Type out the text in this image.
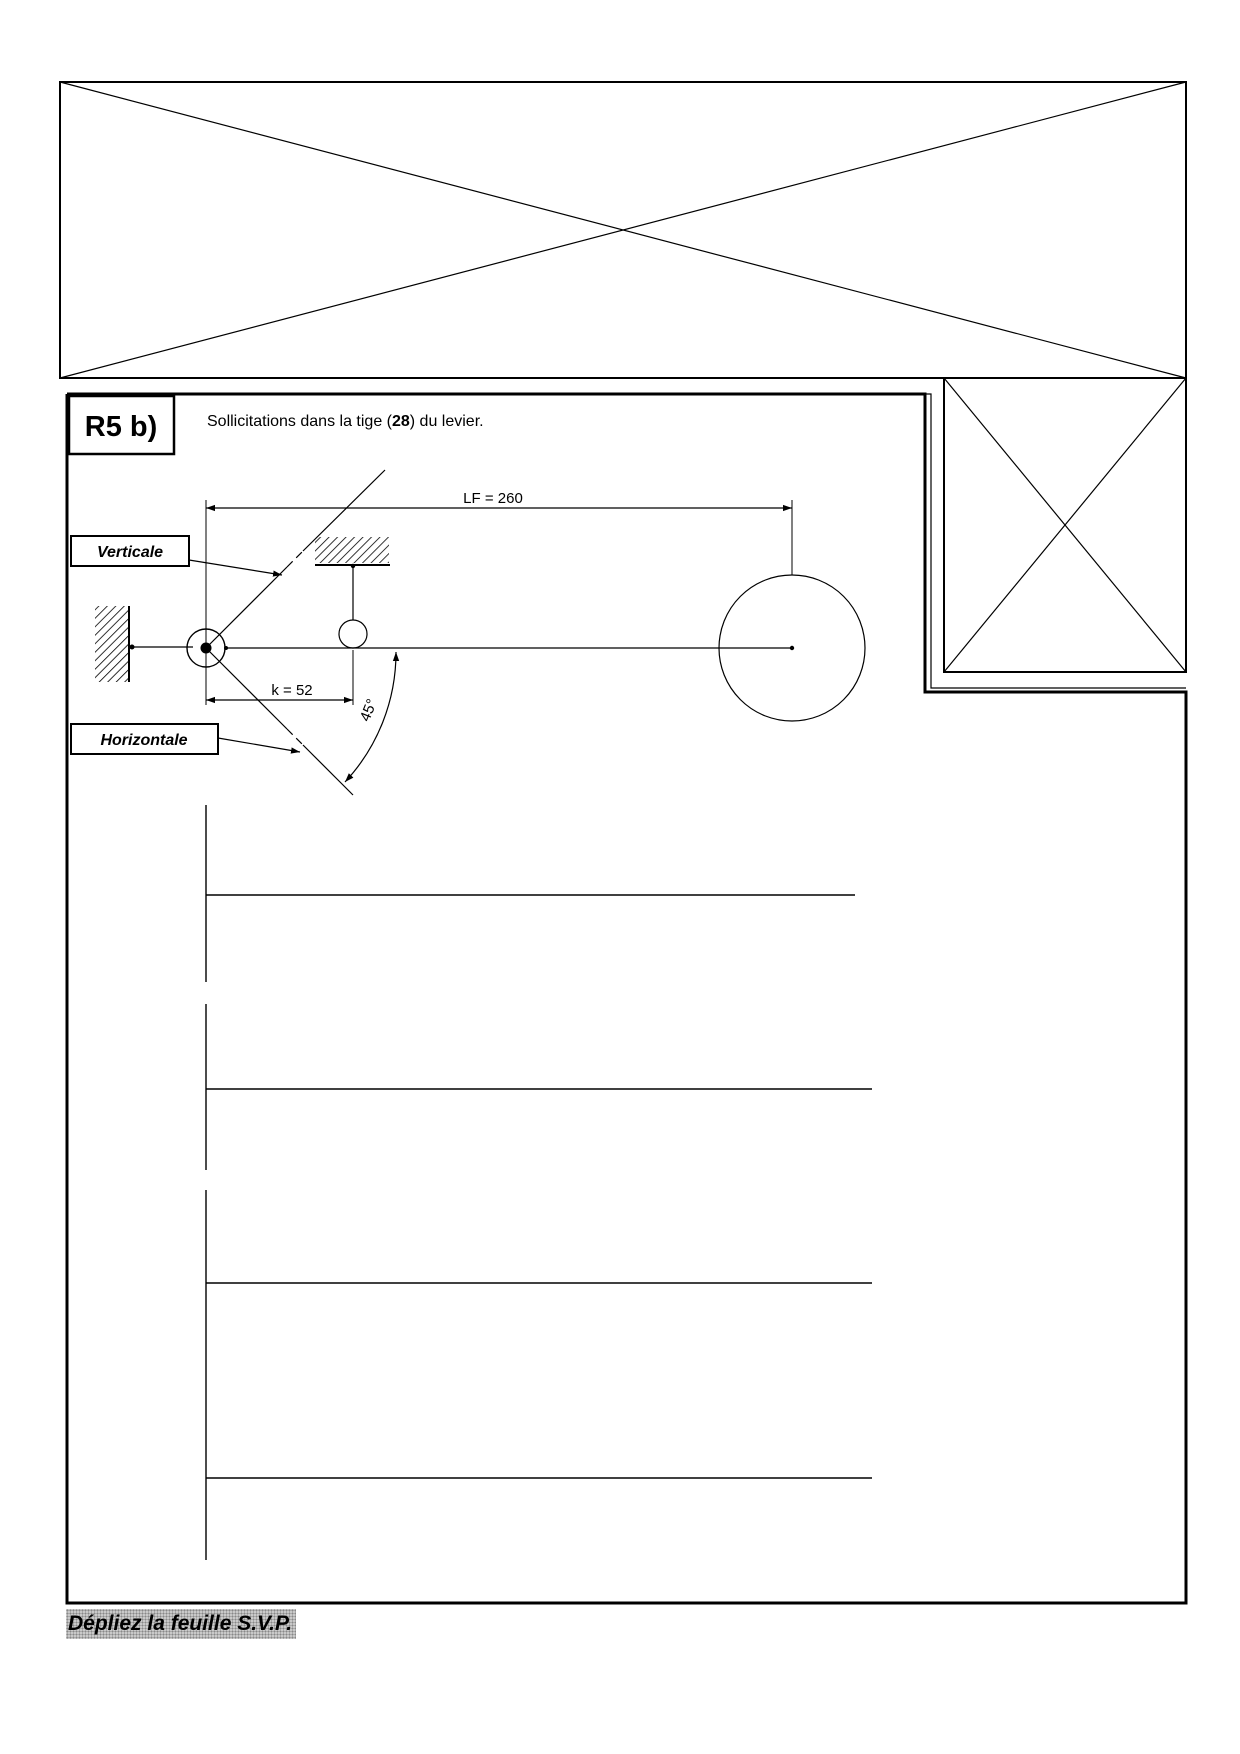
R5 b)	Sollicitations dans la tige (28) du levier.
LF = 260
k = 52
45°
Verticale
Horizontale
Dépliez la feuille S.V.P.
